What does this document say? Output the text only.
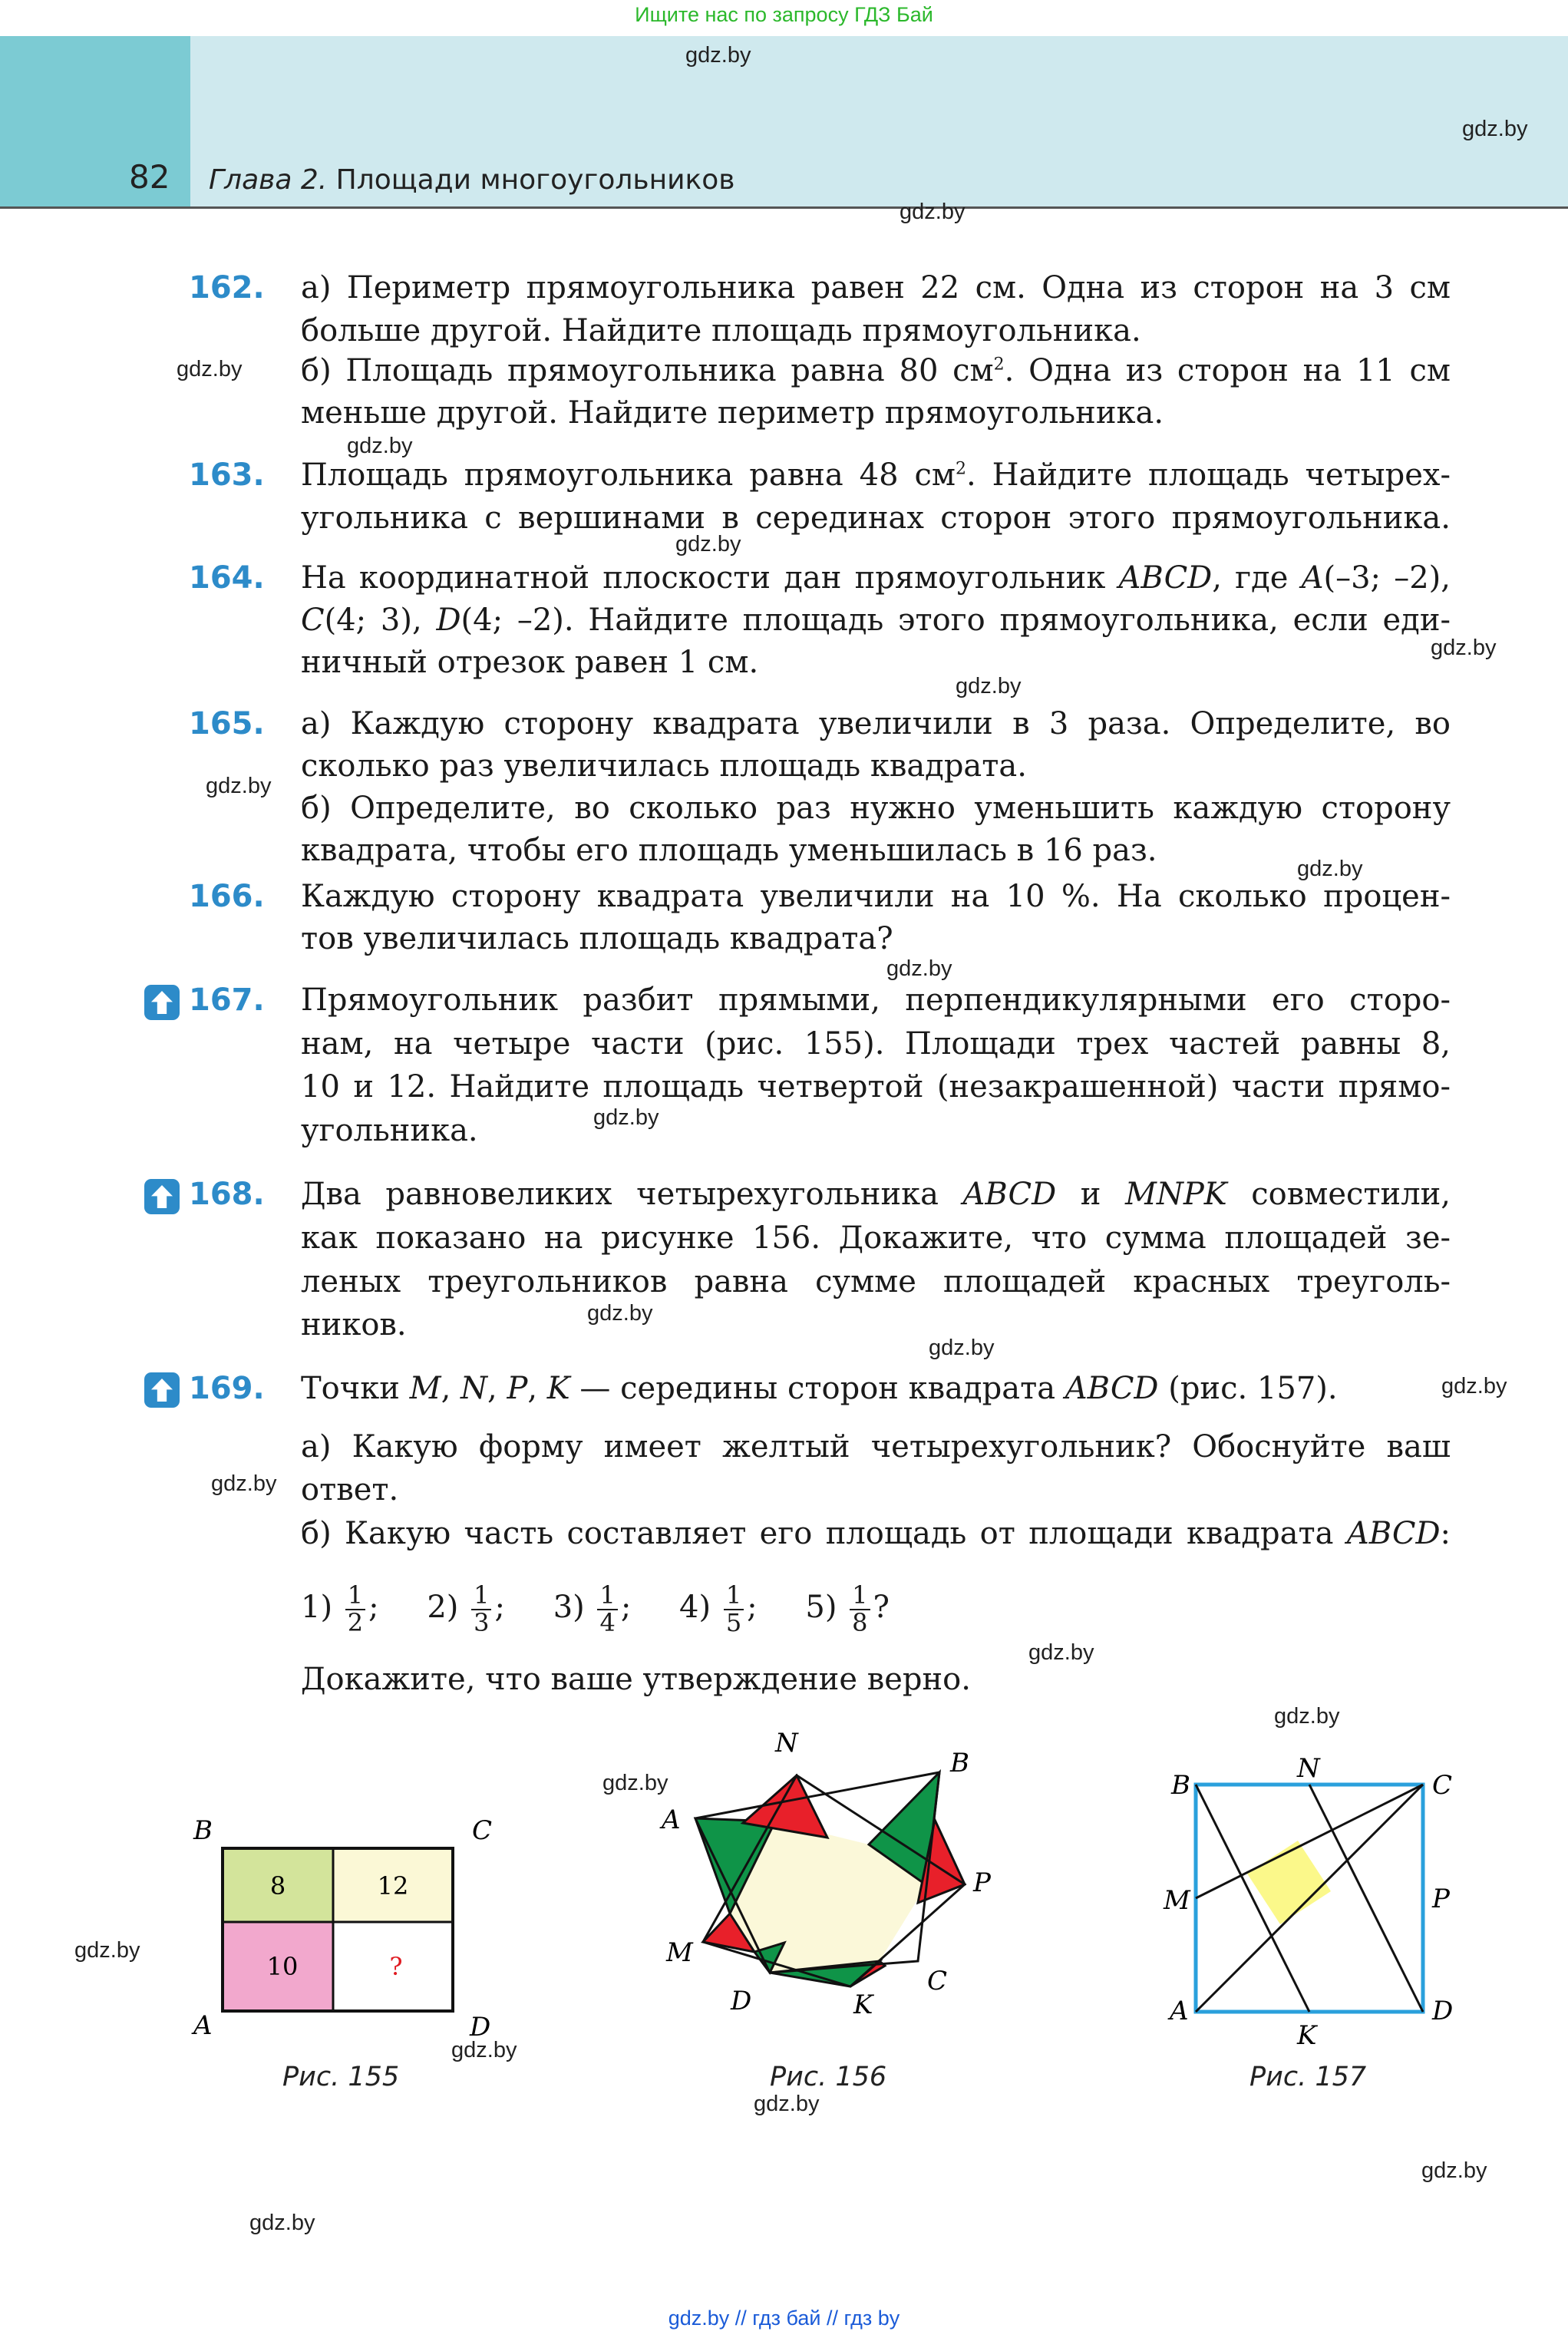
Ищите нас по запросу ГДЗ Бай
82 Глава 2. Площади многоугольников
gdz.by
gdz.by
gdz.by
gdz.by
gdz.by
gdz.by
gdz.by
gdz.by
gdz.by
gdz.by
gdz.by
gdz.by
gdz.by
gdz.by
gdz.by
gdz.by
gdz.by
gdz.by
gdz.by
gdz.by
gdz.by
gdz.by
gdz.by
gdz.by
162. а) Периметр прямоугольника равен 22 см. Одна из сторон на 3 см
больше другой. Найдите площадь прямоугольника.
б) Площадь прямоугольника равна 80 $см^2$. Одна из сторон на 11 см
меньше другой. Найдите периметр прямоугольника.
163. Площадь прямоугольника равна 48 $см^2$. Найдите площадь четырех-
угольника с вершинами в серединах сторон этого прямоугольника.
164. На координатной плоскости дан прямоугольник ABCD, где A(–3; –2),
C(4; 3), D(4; –2). Найдите площадь этого прямоугольника, если еди-
ничный отрезок равен 1 см.
165. а) Каждую сторону квадрата увеличили в 3 раза. Определите, во
сколько раз увеличилась площадь квадрата.
б) Определите, во сколько раз нужно уменьшить каждую сторону
квадрата, чтобы его площадь уменьшилась в 16 раз.
166. Каждую сторону квадрата увеличили на 10 %. На сколько процен-
тов увеличилась площадь квадрата?
167. Прямоугольник разбит прямыми, перпендикулярными его сторо-
нам, на четыре части (рис. 155). Площади трех частей равны 8,
10 и 12. Найдите площадь четвертой (незакрашенной) части прямо-
угольника.
168. Два равновеликих четырехугольника ABCD и MNPK совместили,
как показано на рисунке 156. Докажите, что сумма площадей зе-
леных треугольников равна сумме площадей красных треуголь-
ников.
169. Точки M, N, P, K — середины сторон квадрата ABCD (рис. 157).
а) Какую форму имеет желтый четырехугольник? Обоснуйте ваш
ответ.
б) Какую часть составляет его площадь от площади квадрата ABCD:
$1) \frac{1}{2}$ ; $2) \frac{1}{3}$ ; $3) \frac{1}{4}$ ; $4) \frac{1}{5}$ ; $5) \frac{1}{8}$ ?
Докажите, что ваше утверждение верно.
8	12
10	?
B	C
A	D
Рис. 155
N
B
A
P
M
C
D	K
Рис. 156
B
N
C
M	P
A
K
D
Рис. 157
gdz.by // гдз бай // гдз by
